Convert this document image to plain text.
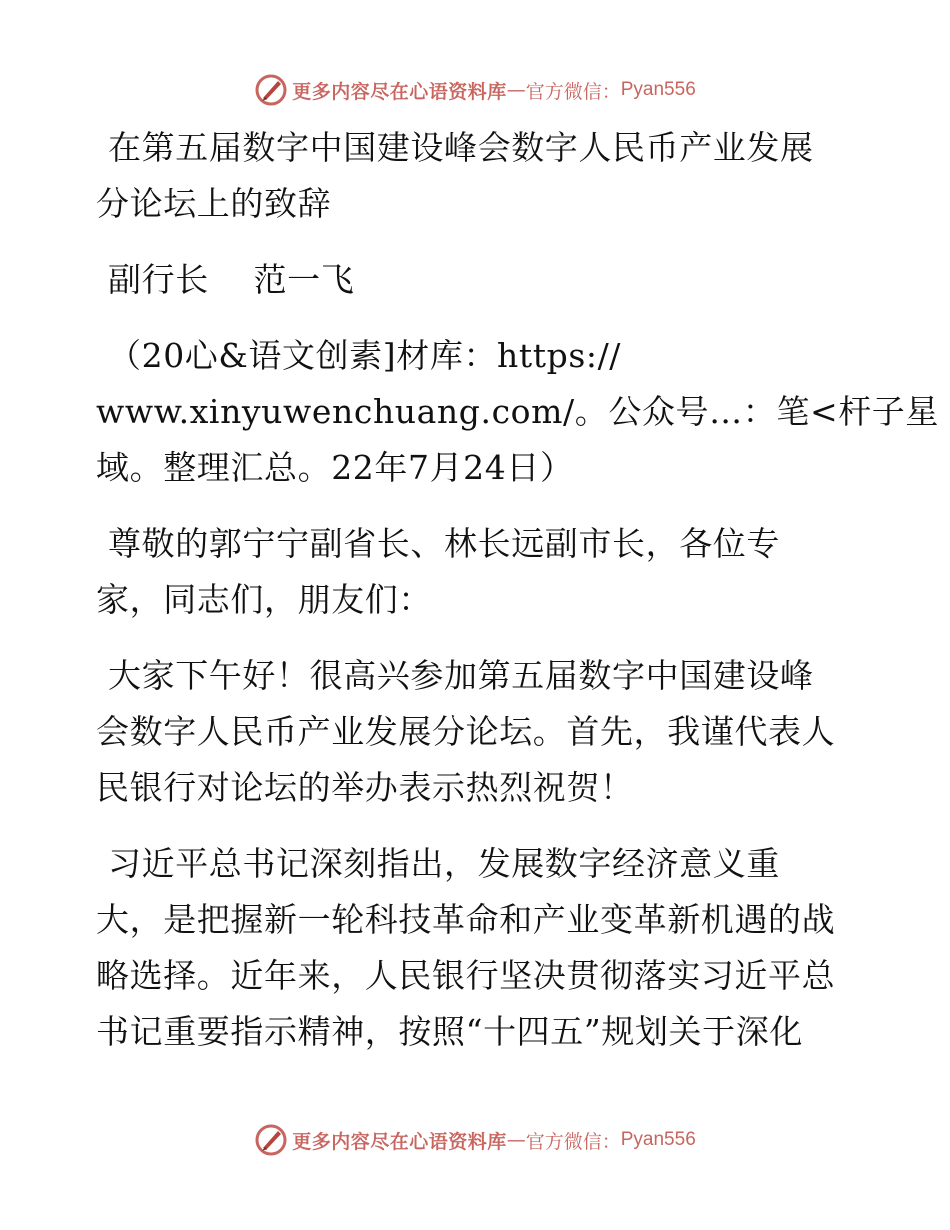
更多内容尽在心语资料库 — 官方微信： Pyan556
在第五届数字中国建设峰会数字人民币产业发展
分论坛上的致辞
副行长　 范一飞
（20心&语文创素]材库：https://
www.xinyuwenchuang.com/。公众号…：笔<杆子星
域。整理汇总。22年7月24日）
尊敬的郭宁宁副省长、林长远副市长，各位专
家，同志们，朋友们：
大家下午好！很高兴参加第五届数字中国建设峰
会数字人民币产业发展分论坛。首先，我谨代表人
民银行对论坛的举办表示热烈祝贺！
习近平总书记深刻指出，发展数字经济意义重
大，是把握新一轮科技革命和产业变革新机遇的战
略选择。近年来，人民银行坚决贯彻落实习近平总
书记重要指示精神，按照“十四五”规划关于深化
更多内容尽在心语资料库 — 官方微信： Pyan556
